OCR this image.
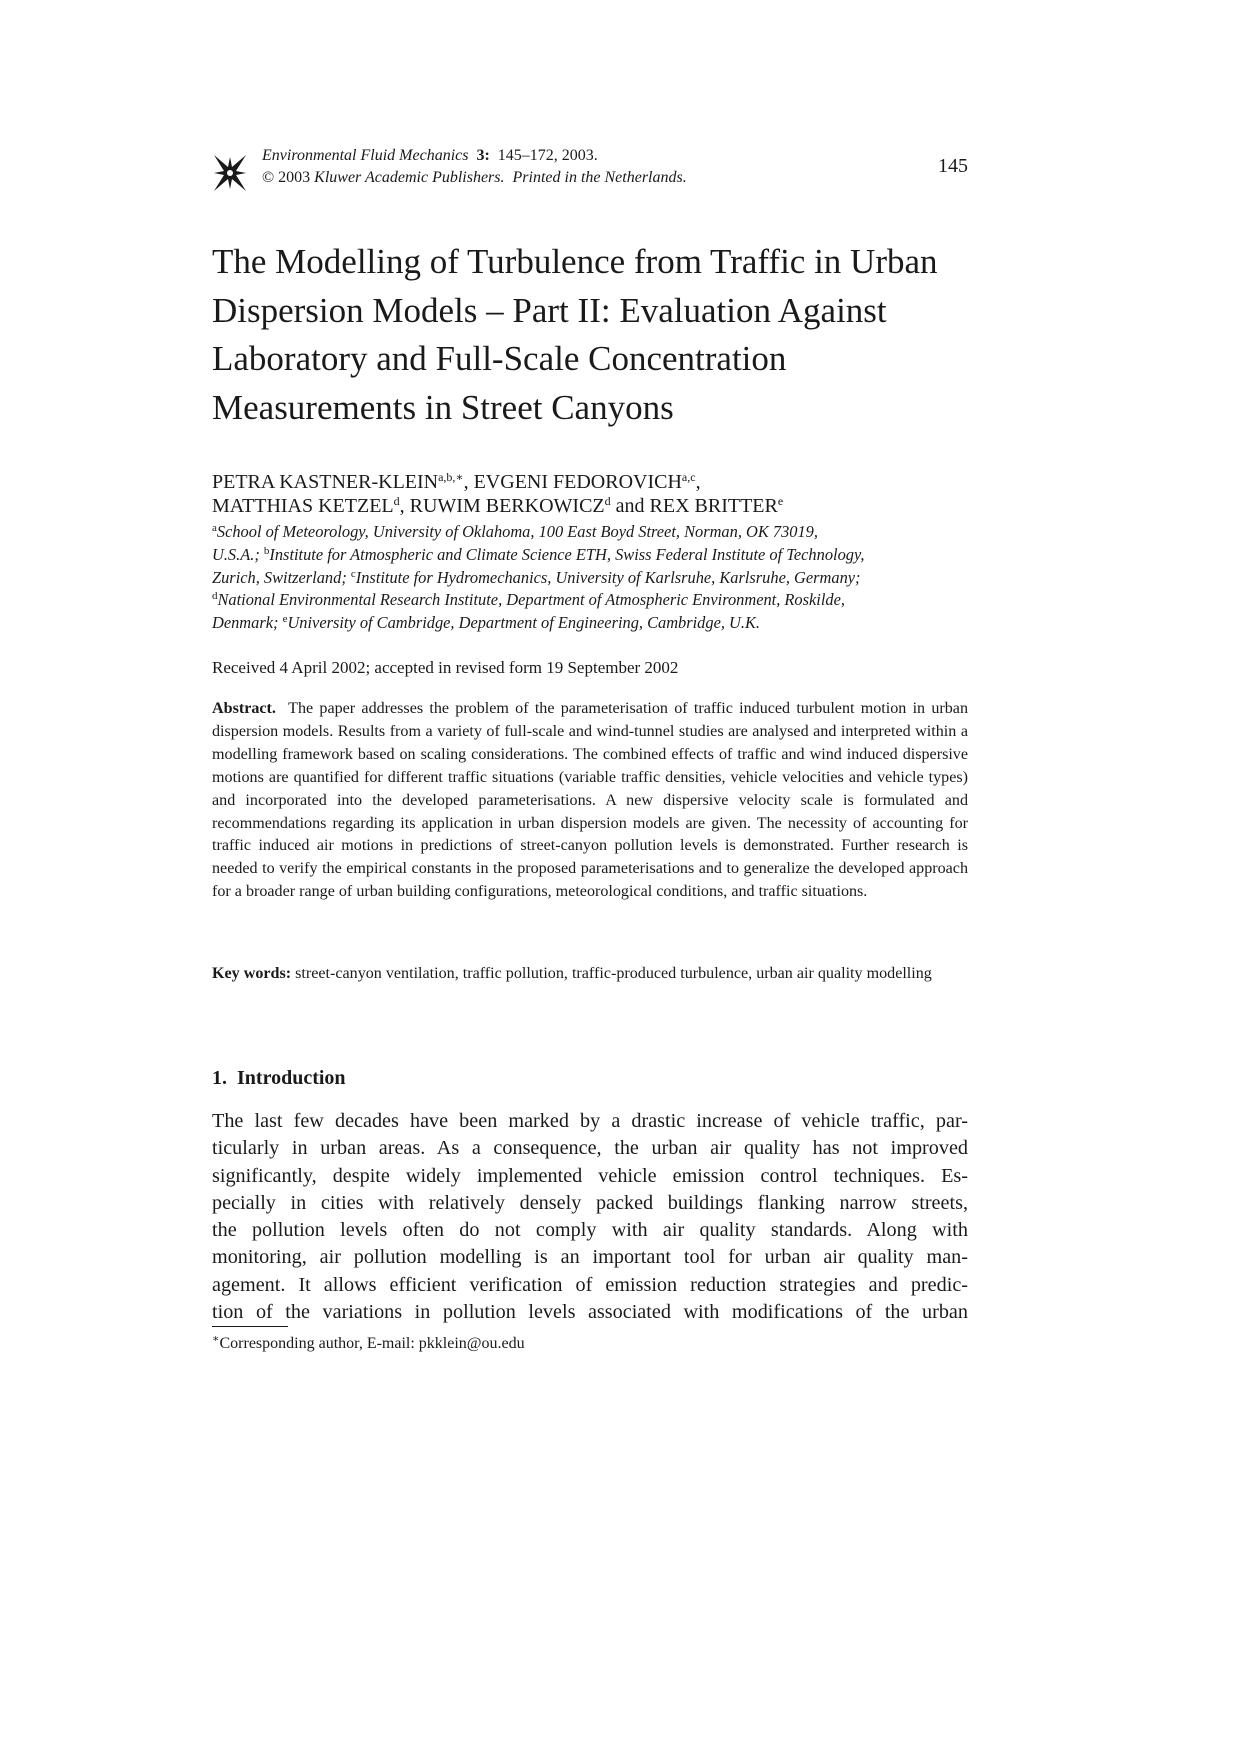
Environmental Fluid Mechanics 3: 145–172, 2003.
© 2003 Kluwer Academic Publishers. Printed in the Netherlands.
145
The Modelling of Turbulence from Traffic in Urban
Dispersion Models – Part II: Evaluation Against
Laboratory and Full-Scale Concentration
Measurements in Street Canyons
PETRA KASTNER-$KLEIN^{a,b,∗}$, EVGENI FEDOROVICH$^{a,c}$,
MATTHIAS KETZEL$^d$, RUWIM BERKOWICZ$^d$ and REX BRITTER$^e$
$^a$School of Meteorology, University of Oklahoma, 100 East Boyd Street, Norman, OK 73019,
U.S.A.; $^b$Institute for Atmospheric and Climate Science ETH, Swiss Federal Institute of Technology,
Zurich, Switzerland; $^c$Institute for Hydromechanics, University of Karlsruhe, Karlsruhe, Germany;
$^d$National Environmental Research Institute, Department of Atmospheric Environment, Roskilde,
Denmark; $^e$University of Cambridge, Department of Engineering, Cambridge, U.K.
Received 4 April 2002; accepted in revised form 19 September 2002
Abstract. The paper addresses the problem of the parameterisation of traffic induced turbulent motion in urban dispersion models. Results from a variety of full-scale and wind-tunnel studies are analysed and interpreted within a modelling framework based on scaling considerations. The combined effects of traffic and wind induced dispersive motions are quantified for different traffic situations (variable traffic densities, vehicle velocities and vehicle types) and incorporated into the developed parameterisations. A new dispersive velocity scale is formulated and recommendations regarding its application in urban dispersion models are given. The necessity of accounting for traffic induced air motions in predictions of street-canyon pollution levels is demonstrated. Further research is needed to verify the empirical constants in the proposed parameterisations and to generalize the developed approach for a broader range of urban building configurations, meteorological conditions, and traffic situations.
Key words: street-canyon ventilation, traffic pollution, traffic-produced turbulence, urban air quality modelling
1. Introduction
The last few decades have been marked by a drastic increase of vehicle traffic, par-
ticularly in urban areas. As a consequence, the urban air quality has not improved
significantly, despite widely implemented vehicle emission control techniques. Es-
pecially in cities with relatively densely packed buildings flanking narrow streets,
the pollution levels often do not comply with air quality standards. Along with
monitoring, air pollution modelling is an important tool for urban air quality man-
agement. It allows efficient verification of emission reduction strategies and predic-
tion of the variations in pollution levels associated with modifications of the urban
∗Corresponding author, E-mail: pkklein@ou.edu
